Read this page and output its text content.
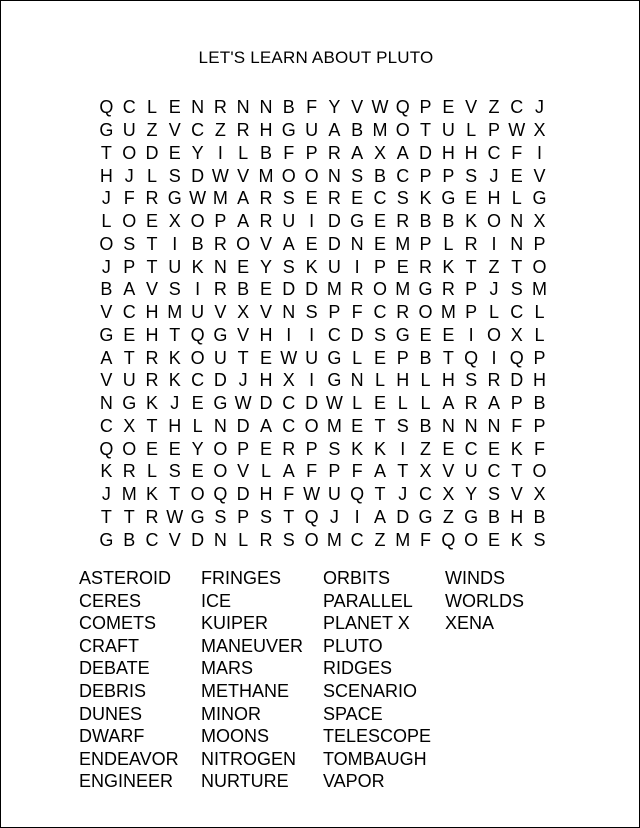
LET'S LEARN ABOUT PLUTO
Q C L E N R N N B F Y V W Q P E V Z C J
G U Z V C Z R H G U A B M O T U L P W X
T O D E Y I L B F P R A X A D H H C F I
H J L S D W V M O O N S B C P P S J E V
J F R G W M A R S E R E C S K G E H L G
L O E X O P A R U I D G E R B B K O N X
O S T I B R O V A E D N E M P L R I N P
J P T U K N E Y S K U I P E R K T Z T O
B A V S I R B E D D M R O M G R P J S M
V C H M U V X V N S P F C R O M P L C L
G E H T Q G V H I I C D S G E E I O X L
A T R K O U T E W U G L E P B T Q I Q P
V U R K C D J H X I G N L H L H S R D H
N G K J E G W D C D W L E L L A R A P B
C X T H L N D A C O M E T S B N N N F P
Q O E E Y O P E R P S K K I Z E C E K F
K R L S E O V L A F P F A T X V U C T O
J M K T O Q D H F W U Q T J C X Y S V X
T T R W G S P S T Q J I A D G Z G B H B
G B C V D N L R S O M C Z M F Q O E K S
ASTEROID
CERES
COMETS
CRAFT
DEBATE
DEBRIS
DUNES
DWARF
ENDEAVOR
ENGINEER
FRINGES
ICE
KUIPER
MANEUVER
MARS
METHANE
MINOR
MOONS
NITROGEN
NURTURE
ORBITS
PARALLEL
PLANET X
PLUTO
RIDGES
SCENARIO
SPACE
TELESCOPE
TOMBAUGH
VAPOR
WINDS
WORLDS
XENA
